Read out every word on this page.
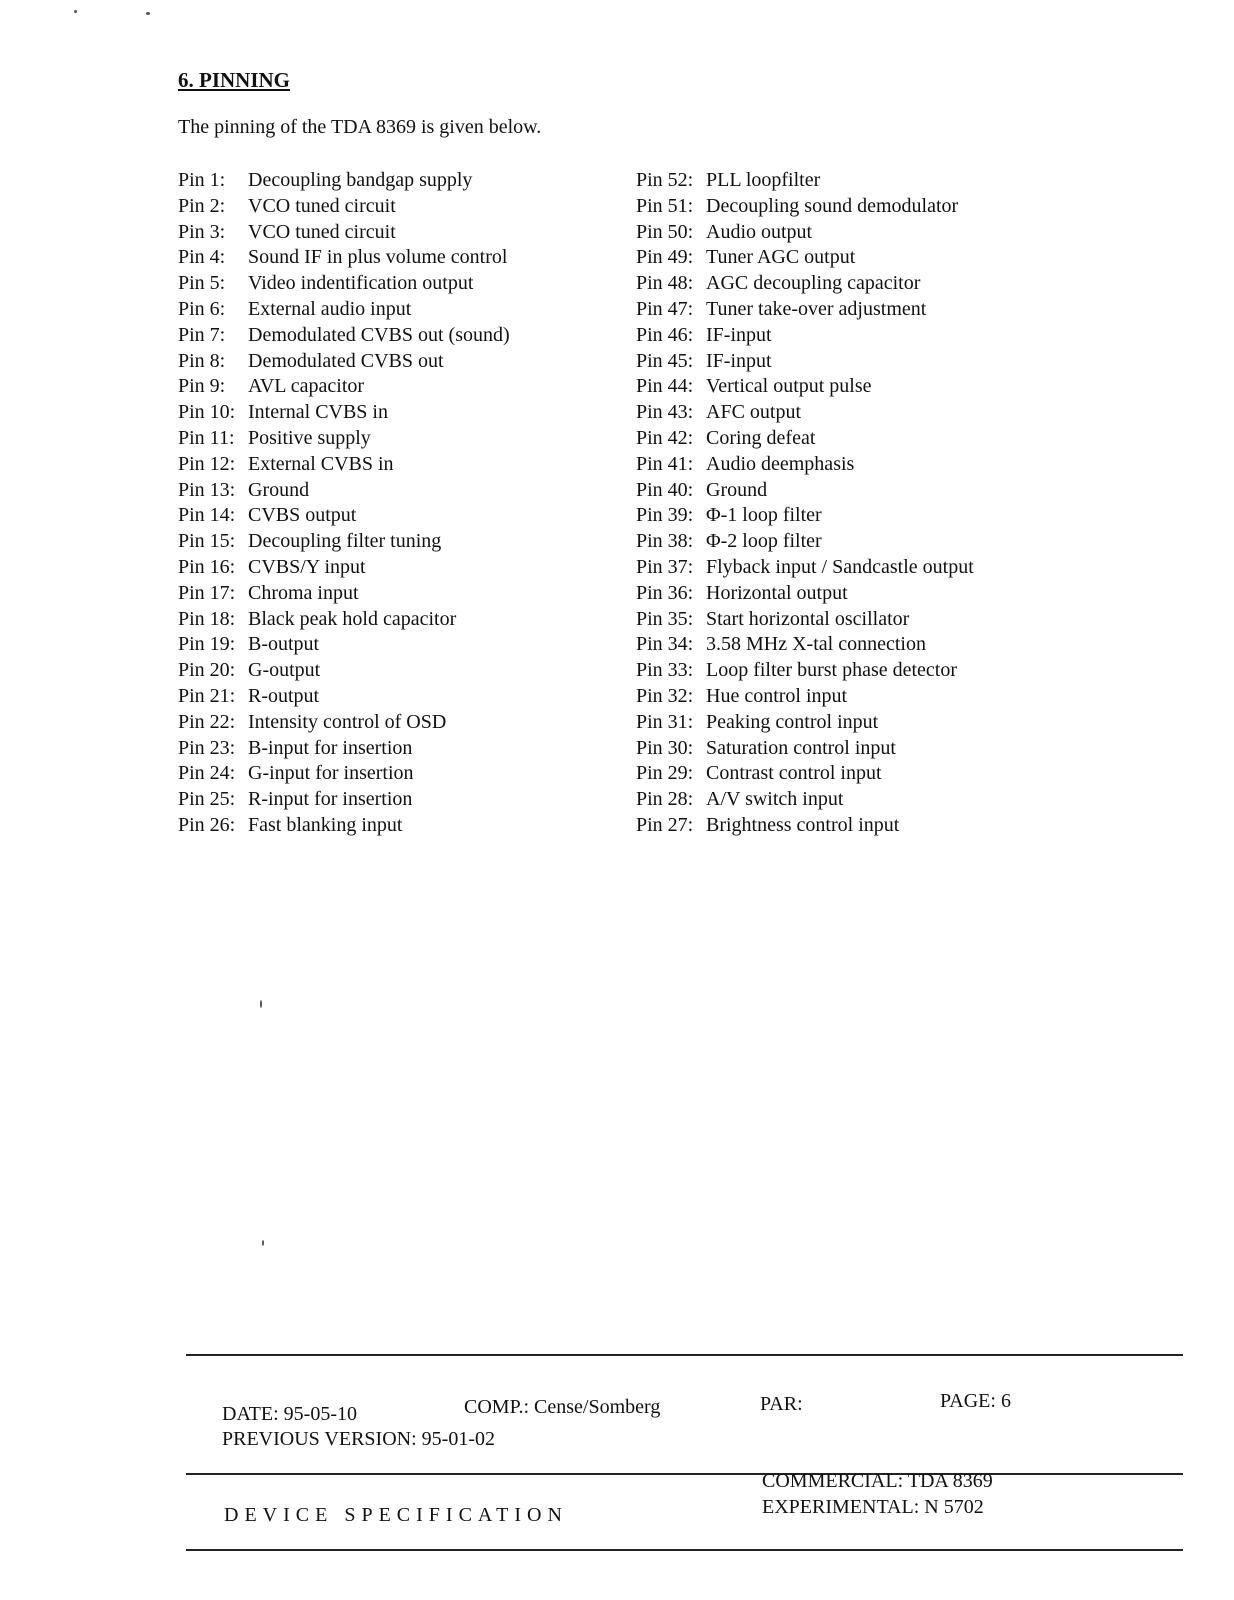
6. PINNING
The pinning of the TDA 8369 is given below.
Pin 1: Decoupling bandgap supply
Pin 2: VCO tuned circuit
Pin 3: VCO tuned circuit
Pin 4: Sound IF in plus volume control
Pin 5: Video indentification output
Pin 6: External audio input
Pin 7: Demodulated CVBS out (sound)
Pin 8: Demodulated CVBS out
Pin 9: AVL capacitor
Pin 10: Internal CVBS in
Pin 11: Positive supply
Pin 12: External CVBS in
Pin 13: Ground
Pin 14: CVBS output
Pin 15: Decoupling filter tuning
Pin 16: CVBS/Y input
Pin 17: Chroma input
Pin 18: Black peak hold capacitor
Pin 19: B-output
Pin 20: G-output
Pin 21: R-output
Pin 22: Intensity control of OSD
Pin 23: B-input for insertion
Pin 24: G-input for insertion
Pin 25: R-input for insertion
Pin 26: Fast blanking input
Pin 52: PLL loopfilter
Pin 51: Decoupling sound demodulator
Pin 50: Audio output
Pin 49: Tuner AGC output
Pin 48: AGC decoupling capacitor
Pin 47: Tuner take-over adjustment
Pin 46: IF-input
Pin 45: IF-input
Pin 44: Vertical output pulse
Pin 43: AFC output
Pin 42: Coring defeat
Pin 41: Audio deemphasis
Pin 40: Ground
Pin 39: Φ-1 loop filter
Pin 38: Φ-2 loop filter
Pin 37: Flyback input / Sandcastle output
Pin 36: Horizontal output
Pin 35: Start horizontal oscillator
Pin 34: 3.58 MHz X-tal connection
Pin 33: Loop filter burst phase detector
Pin 32: Hue control input
Pin 31: Peaking control input
Pin 30: Saturation control input
Pin 29: Contrast control input
Pin 28: A/V switch input
Pin 27: Brightness control input
DATE: 95-05-10	COMP.: Cense/Somberg	PAR:	PAGE: 6
PREVIOUS VERSION: 95-01-02
DEVICE SPECIFICATION
COMMERCIAL: TDA 8369
EXPERIMENTAL: N 5702
